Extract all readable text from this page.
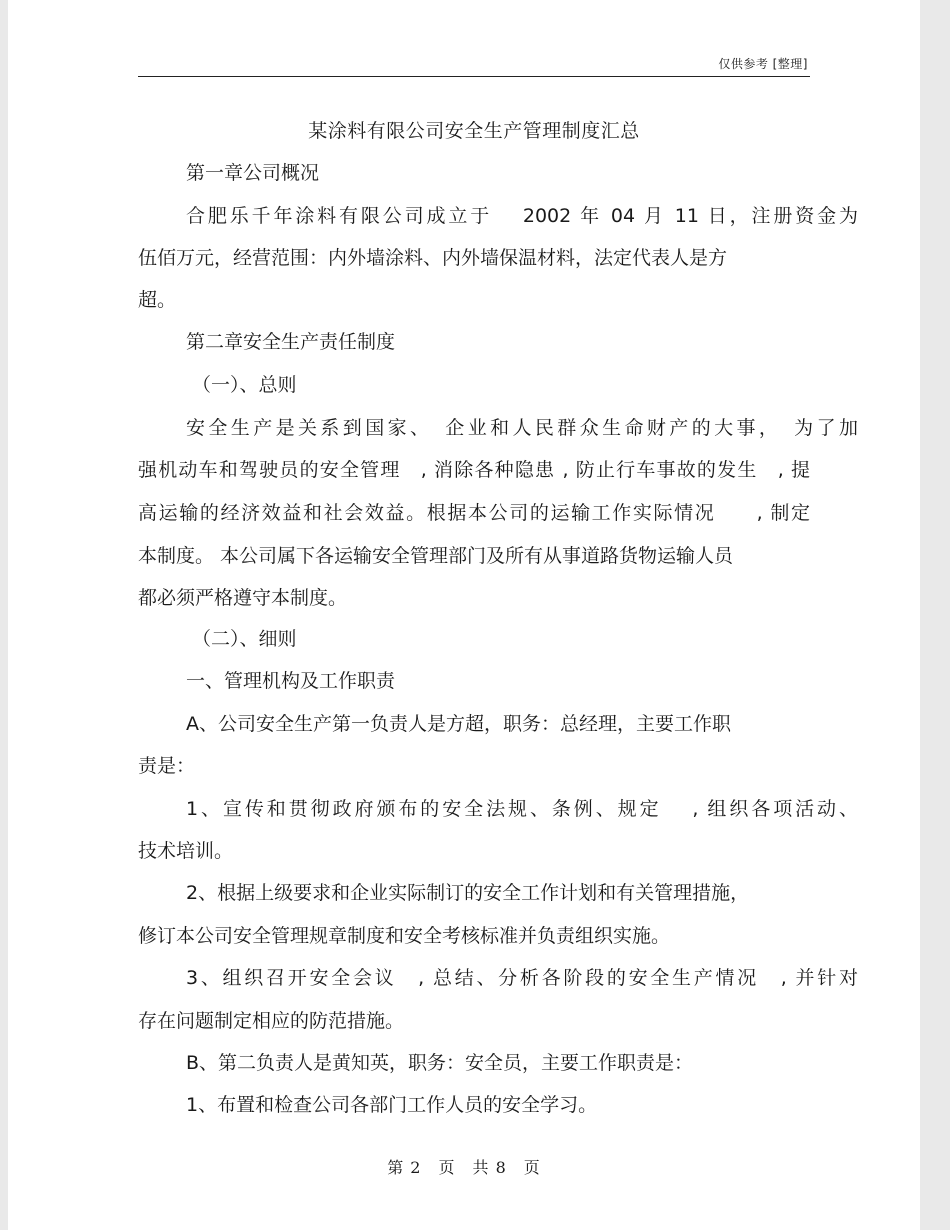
仅供参考 [整理]
某涂料有限公司安全生产管理制度汇总
第一章公司概况
合肥乐千年涂料有限公司成立于　 2002 年 04 月 11 日，注册资金为
伍佰万元，经营范围：内外墙涂料、内外墙保温材料，法定代表人是方
超。
第二章安全生产责任制度
（一）、总则
安全生产是关系到国家、　企业和人民群众生命财产的大事，　为了加
强机动车和驾驶员的安全管理　, 消除各种隐患 , 防止行车事故的发生　, 提
高运输的经济效益和社会效益。根据本公司的运输工作实际情况　　, 制定
本制度。 本公司属下各运输安全管理部门及所有从事道路货物运输人员
都必须严格遵守本制度。
（二）、细则
一、管理机构及工作职责
A、公司安全生产第一负责人是方超，职务：总经理，主要工作职
责是：
1、宣传和贯彻政府颁布的安全法规、条例、规定　 , 组织各项活动、
技术培训。
2、根据上级要求和企业实际制订的安全工作计划和有关管理措施，
修订本公司安全管理规章制度和安全考核标准并负责组织实施。
3、组织召开安全会议　, 总结、分析各阶段的安全生产情况　, 并针对
存在问题制定相应的防范措施。
B、第二负责人是黄知英，职务：安全员，主要工作职责是：
1、布置和检查公司各部门工作人员的安全学习。
第 2　页　共 8　页
